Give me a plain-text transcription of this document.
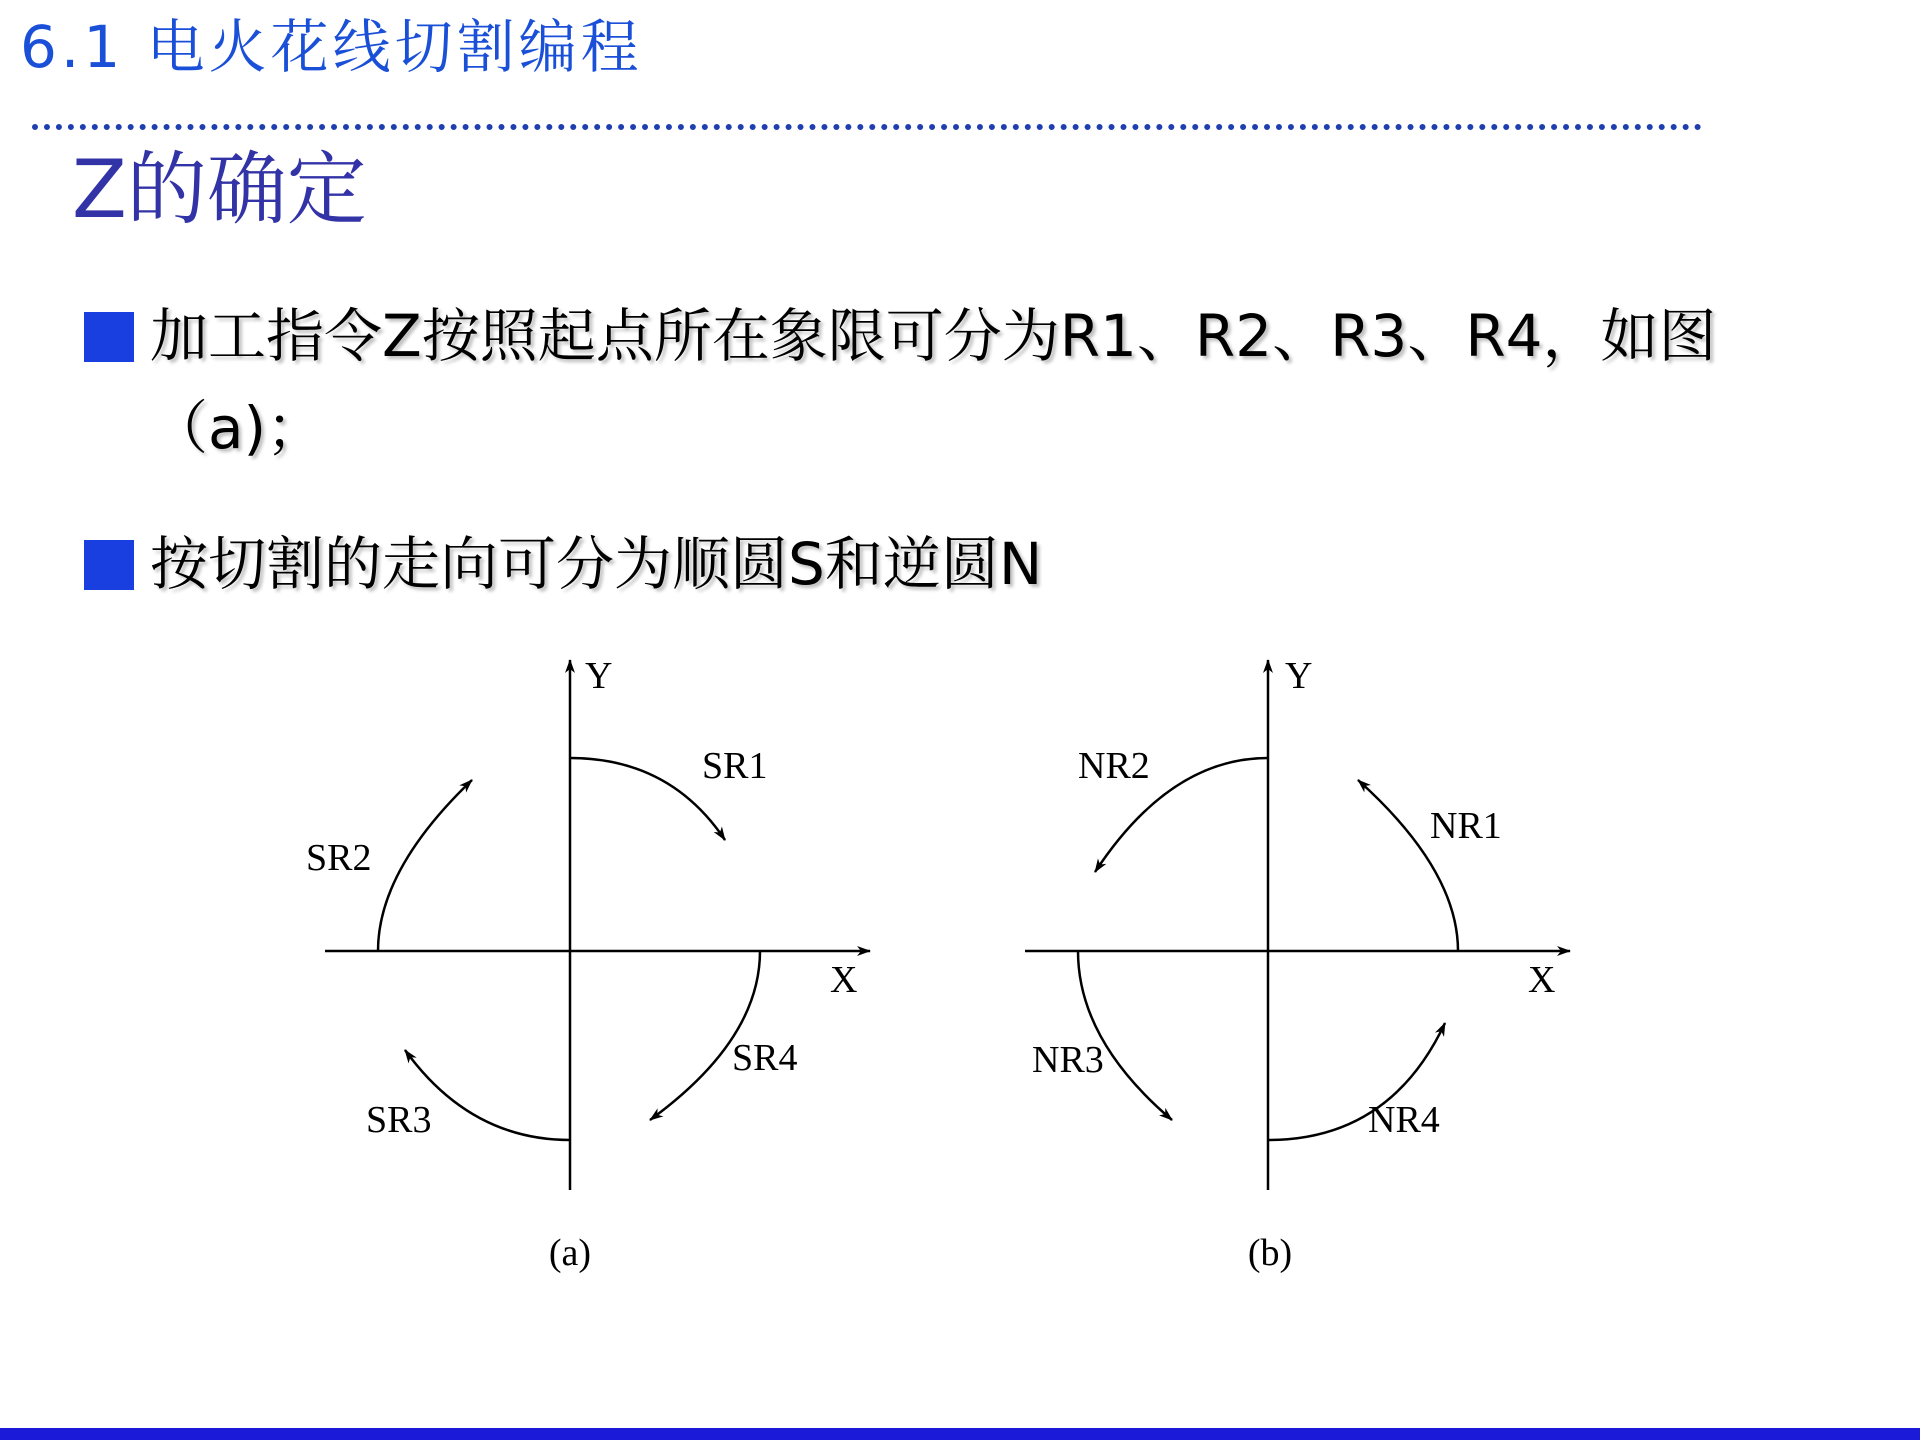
6.1 电火花线切割编程
Z的确定
加工指令Z按照起点所在象限可分为R1、R2、R3、R4，如图（a)；
按切割的走向可分为顺圆S和逆圆N
Y
X
SR1
SR2
SR3
SR4
(a)
Y
X
NR1
NR2
NR3
NR4
(b)
